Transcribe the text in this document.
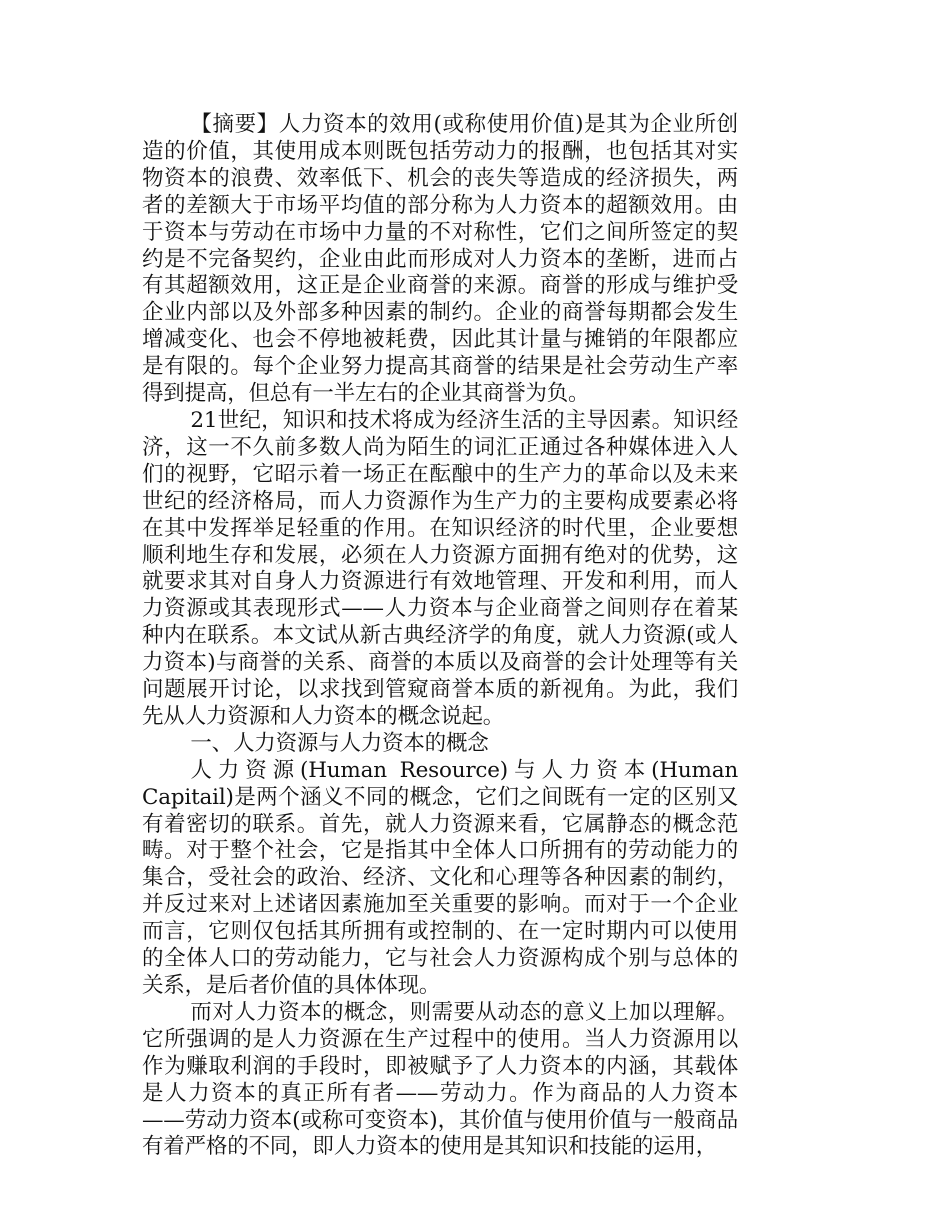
【摘要】人力资本的效用(或称使用价值)是其为企业所创造的价值，其使用成本则既包括劳动力的报酬，也包括其对实物资本的浪费、效率低下、机会的丧失等造成的经济损失，两者的差额大于市场平均值的部分称为人力资本的超额效用。由于资本与劳动在市场中力量的不对称性，它们之间所签定的契约是不完备契约，企业由此而形成对人力资本的垄断，进而占有其超额效用，这正是企业商誉的来源。商誉的形成与维护受企业内部以及外部多种因素的制约。企业的商誉每期都会发生增减变化、也会不停地被耗费，因此其计量与摊销的年限都应是有限的。每个企业努力提高其商誉的结果是社会劳动生产率得到提高，但总有一半左右的企业其商誉为负。

21世纪，知识和技术将成为经济生活的主导因素。知识经济，这一不久前多数人尚为陌生的词汇正通过各种媒体进入人们的视野，它昭示着一场正在酝酿中的生产力的革命以及未来世纪的经济格局，而人力资源作为生产力的主要构成要素必将在其中发挥举足轻重的作用。在知识经济的时代里，企业要想顺利地生存和发展，必须在人力资源方面拥有绝对的优势，这就要求其对自身人力资源进行有效地管理、开发和利用，而人力资源或其表现形式——人力资本与企业商誉之间则存在着某种内在联系。本文试从新古典经济学的角度，就人力资源(或人力资本)与商誉的关系、商誉的本质以及商誉的会计处理等有关问题展开讨论，以求找到管窥商誉本质的新视角。为此，我们先从人力资源和人力资本的概念说起。

一、人力资源与人力资本的概念

人力资源(Human Resource)与人力资本(Human Capitail)是两个涵义不同的概念，它们之间既有一定的区别又有着密切的联系。首先，就人力资源来看，它属静态的概念范畴。对于整个社会，它是指其中全体人口所拥有的劳动能力的集合，受社会的政治、经济、文化和心理等各种因素的制约，并反过来对上述诸因素施加至关重要的影响。而对于一个企业而言，它则仅包括其所拥有或控制的、在一定时期内可以使用的全体人口的劳动能力，它与社会人力资源构成个别与总体的关系，是后者价值的具体体现。

而对人力资本的概念，则需要从动态的意义上加以理解。它所强调的是人力资源在生产过程中的使用。当人力资源用以作为赚取利润的手段时，即被赋予了人力资本的内涵，其载体是人力资本的真正所有者——劳动力。作为商品的人力资本——劳动力资本(或称可变资本)，其价值与使用价值与一般商品有着严格的不同，即人力资本的使用是其知识和技能的运用，
